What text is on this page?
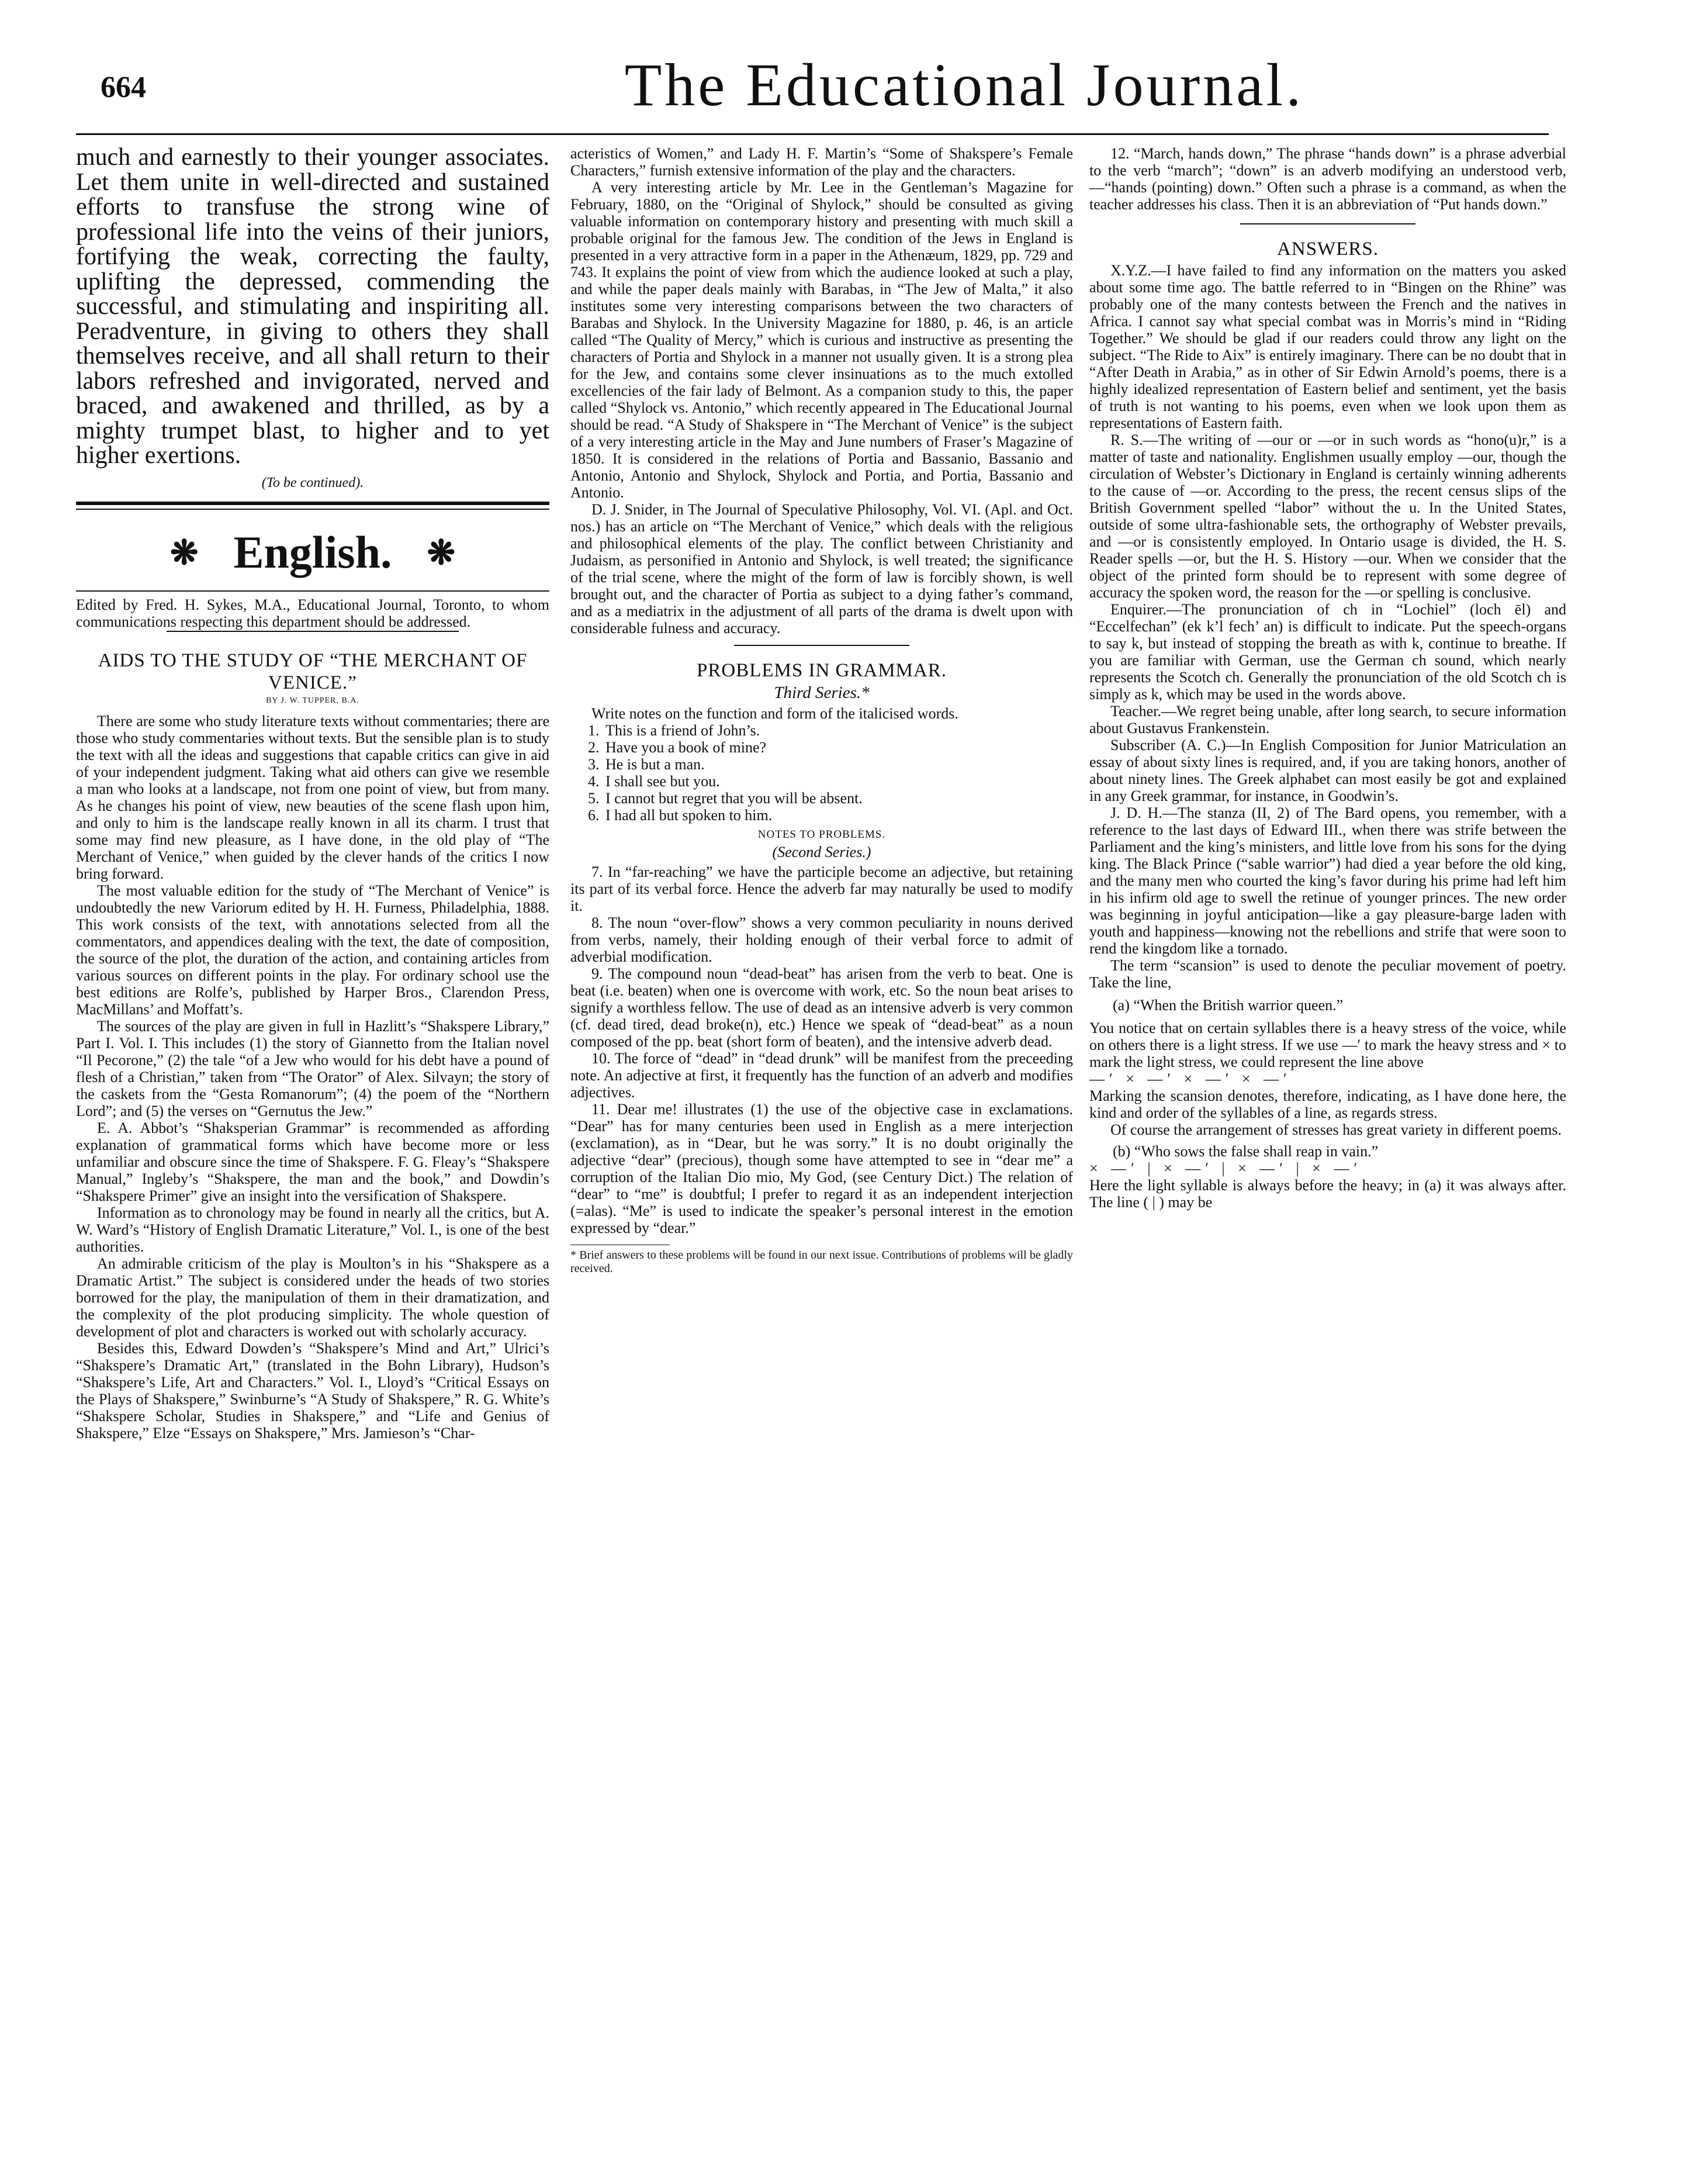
664	The Educational Journal.

much and earnestly to their younger associates. Let them unite in well-directed and sustained efforts to transfuse the strong wine of professional life into the veins of their juniors, fortifying the weak, correcting the faulty, uplifting the depressed, commending the successful, and stimulating and inspiriting all. Peradventure, in giving to others they shall themselves receive, and all shall return to their labors refreshed and invigorated, nerved and braced, and awakened and thrilled, as by a mighty trumpet blast, to higher and to yet higher exertions.

(To be continued).
❋ English. ❋

Edited by Fred. H. Sykes, M.A., Educational Journal, Toronto, to whom communications respecting this department should be addressed.

AIDS TO THE STUDY OF “THE MERCHANT OF VENICE.”
BY J. W. TUPPER, B.A.

There are some who study literature texts without commentaries; there are those who study commentaries without texts. But the sensible plan is to study the text with all the ideas and suggestions that capable critics can give in aid of your independent judgment. Taking what aid others can give we resemble a man who looks at a landscape, not from one point of view, but from many. As he changes his point of view, new beauties of the scene flash upon him, and only to him is the landscape really known in all its charm. I trust that some may find new pleasure, as I have done, in the old play of “The Merchant of Venice,” when guided by the clever hands of the critics I now bring forward.

The most valuable edition for the study of “The Merchant of Venice” is undoubtedly the new Variorum edited by H. H. Furness, Philadelphia, 1888. This work consists of the text, with annotations selected from all the commentators, and appendices dealing with the text, the date of composition, the source of the plot, the duration of the action, and containing articles from various sources on different points in the play. For ordinary school use the best editions are Rolfe’s, published by Harper Bros., Clarendon Press, MacMillans’ and Moffatt’s.

The sources of the play are given in full in Hazlitt’s “Shakspere Library,” Part I. Vol. I. This includes (1) the story of Giannetto from the Italian novel “Il Pecorone,” (2) the tale “of a Jew who would for his debt have a pound of flesh of a Christian,” taken from “The Orator” of Alex. Silvayn; the story of the caskets from the “Gesta Romanorum”; (4) the poem of the “Northern Lord”; and (5) the verses on “Gernutus the Jew.”

E. A. Abbot’s “Shaksperian Grammar” is recommended as affording explanation of grammatical forms which have become more or less unfamiliar and obscure since the time of Shakspere. F. G. Fleay’s “Shakspere Manual,” Ingleby’s “Shakspere, the man and the book,” and Dowdin’s “Shakspere Primer” give an insight into the versification of Shakspere.

Information as to chronology may be found in nearly all the critics, but A. W. Ward’s “History of English Dramatic Literature,” Vol. I., is one of the best authorities.

An admirable criticism of the play is Moulton’s in his “Shakspere as a Dramatic Artist.” The subject is considered under the heads of two stories borrowed for the play, the manipulation of them in their dramatization, and the complexity of the plot producing simplicity. The whole question of development of plot and characters is worked out with scholarly accuracy.

Besides this, Edward Dowden’s “Shakspere’s Mind and Art,” Ulrici’s “Shakspere’s Dramatic Art,” (translated in the Bohn Library), Hudson’s “Shakspere’s Life, Art and Characters.” Vol. I., Lloyd’s “Critical Essays on the Plays of Shakspere,” Swinburne’s “A Study of Shakspere,” R. G. White’s “Shakspere Scholar, Studies in Shakspere,” and “Life and Genius of Shakspere,” Elze “Essays on Shakspere,” Mrs. Jamieson’s “Char-

acteristics of Women,” and Lady H. F. Martin’s “Some of Shakspere’s Female Characters,” furnish extensive information of the play and the characters.

A very interesting article by Mr. Lee in the Gentleman’s Magazine for February, 1880, on the “Original of Shylock,” should be consulted as giving valuable information on contemporary history and presenting with much skill a probable original for the famous Jew. The condition of the Jews in England is presented in a very attractive form in a paper in the Athenæum, 1829, pp. 729 and 743. It explains the point of view from which the audience looked at such a play, and while the paper deals mainly with Barabas, in “The Jew of Malta,” it also institutes some very interesting comparisons between the two characters of Barabas and Shylock. In the University Magazine for 1880, p. 46, is an article called “The Quality of Mercy,” which is curious and instructive as presenting the characters of Portia and Shylock in a manner not usually given. It is a strong plea for the Jew, and contains some clever insinuations as to the much extolled excellencies of the fair lady of Belmont. As a companion study to this, the paper called “Shylock vs. Antonio,” which recently appeared in The Educational Journal should be read. “A Study of Shakspere in “The Merchant of Venice” is the subject of a very interesting article in the May and June numbers of Fraser’s Magazine of 1850. It is considered in the relations of Portia and Bassanio, Bassanio and Antonio, Antonio and Shylock, Shylock and Portia, and Portia, Bassanio and Antonio.

D. J. Snider, in The Journal of Speculative Philosophy, Vol. VI. (Apl. and Oct. nos.) has an article on “The Merchant of Venice,” which deals with the religious and philosophical elements of the play. The conflict between Christianity and Judaism, as personified in Antonio and Shylock, is well treated; the significance of the trial scene, where the might of the form of law is forcibly shown, is well brought out, and the character of Portia as subject to a dying father’s command, and as a mediatrix in the adjustment of all parts of the drama is dwelt upon with considerable fulness and accuracy.

PROBLEMS IN GRAMMAR.
Third Series.*

Write notes on the function and form of the italicised words.

1. This is a friend of John’s.
2. Have you a book of mine?
3. He is but a man.
4. I shall see but you.
5. I cannot but regret that you will be absent.
6. I had all but spoken to him.
NOTES TO PROBLEMS.
(Second Series.)

7. In “far-reaching” we have the participle become an adjective, but retaining its part of its verbal force. Hence the adverb far may naturally be used to modify it.

8. The noun “over-flow” shows a very common peculiarity in nouns derived from verbs, namely, their holding enough of their verbal force to admit of adverbial modification.

9. The compound noun “dead-beat” has arisen from the verb to beat. One is beat (i.e. beaten) when one is overcome with work, etc. So the noun beat arises to signify a worthless fellow. The use of dead as an intensive adverb is very common (cf. dead tired, dead broke(n), etc.) Hence we speak of “dead-beat” as a noun composed of the pp. beat (short form of beaten), and the intensive adverb dead.

10. The force of “dead” in “dead drunk” will be manifest from the preceeding note. An adjective at first, it frequently has the function of an adverb and modifies adjectives.

11. Dear me! illustrates (1) the use of the objective case in exclamations. “Dear” has for many centuries been used in English as a mere interjection (exclamation), as in “Dear, but he was sorry.” It is no doubt originally the adjective “dear” (precious), though some have attempted to see in “dear me” a corruption of the Italian Dio mio, My God, (see Century Dict.) The relation of “dear” to “me” is doubtful; I prefer to regard it as an independent interjection (=alas). “Me” is used to indicate the speaker’s personal interest in the emotion expressed by “dear.”

* Brief answers to these problems will be found in our next issue. Contributions of problems will be gladly received.

12. “March, hands down,” The phrase “hands down” is a phrase adverbial to the verb “march”; “down” is an adverb modifying an understood verb,—“hands (pointing) down.” Often such a phrase is a command, as when the teacher addresses his class. Then it is an abbreviation of “Put hands down.”

ANSWERS.

X.Y.Z.—I have failed to find any information on the matters you asked about some time ago. The battle referred to in “Bingen on the Rhine” was probably one of the many contests between the French and the natives in Africa. I cannot say what special combat was in Morris’s mind in “Riding Together.” We should be glad if our readers could throw any light on the subject. “The Ride to Aix” is entirely imaginary. There can be no doubt that in “After Death in Arabia,” as in other of Sir Edwin Arnold’s poems, there is a highly idealized representation of Eastern belief and sentiment, yet the basis of truth is not wanting to his poems, even when we look upon them as representations of Eastern faith.

R. S.—The writing of —our or —or in such words as “hono(u)r,” is a matter of taste and nationality. Englishmen usually employ —our, though the circulation of Webster’s Dictionary in England is certainly winning adherents to the cause of —or. According to the press, the recent census slips of the British Government spelled “labor” without the u. In the United States, outside of some ultra-fashionable sets, the orthography of Webster prevails, and —or is consistently employed. In Ontario usage is divided, the H. S. Reader spells —or, but the H. S. History —our. When we consider that the object of the printed form should be to represent with some degree of accuracy the spoken word, the reason for the —or spelling is conclusive.

Enquirer.—The pronunciation of ch in “Lochiel” (loch ēl) and “Eccelfechan” (ek k’l fech’ an) is difficult to indicate. Put the speech-organs to say k, but instead of stopping the breath as with k, continue to breathe. If you are familiar with German, use the German ch sound, which nearly represents the Scotch ch. Generally the pronunciation of the old Scotch ch is simply as k, which may be used in the words above.

Teacher.—We regret being unable, after long search, to secure information about Gustavus Frankenstein.

Subscriber (A. C.)—In English Composition for Junior Matriculation an essay of about sixty lines is required, and, if you are taking honors, another of about ninety lines. The Greek alphabet can most easily be got and explained in any Greek grammar, for instance, in Goodwin’s.

J. D. H.—The stanza (II, 2) of The Bard opens, you remember, with a reference to the last days of Edward III., when there was strife between the Parliament and the king’s ministers, and little love from his sons for the dying king. The Black Prince (“sable warrior”) had died a year before the old king, and the many men who courted the king’s favor during his prime had left him in his infirm old age to swell the retinue of younger princes. The new order was beginning in joyful anticipation—like a gay pleasure-barge laden with youth and happiness—knowing not the rebellions and strife that were soon to rend the kingdom like a tornado.

The term “scansion” is used to denote the peculiar movement of poetry. Take the line,

(a) “When the British warrior queen.”

You notice that on certain syllables there is a heavy stress of the voice, while on others there is a light stress. If we use —′ to mark the heavy stress and × to mark the light stress, we could represent the line above

—′ × —′ × —′ × —′

Marking the scansion denotes, therefore, indicating, as I have done here, the kind and order of the syllables of a line, as regards stress.

Of course the arrangement of stresses has great variety in different poems.

(b) “Who sows the false shall reap in vain.”

× —′ | × —′ | × —′ | × —′

Here the light syllable is always before the heavy; in (a) it was always after. The line ( | ) may be
